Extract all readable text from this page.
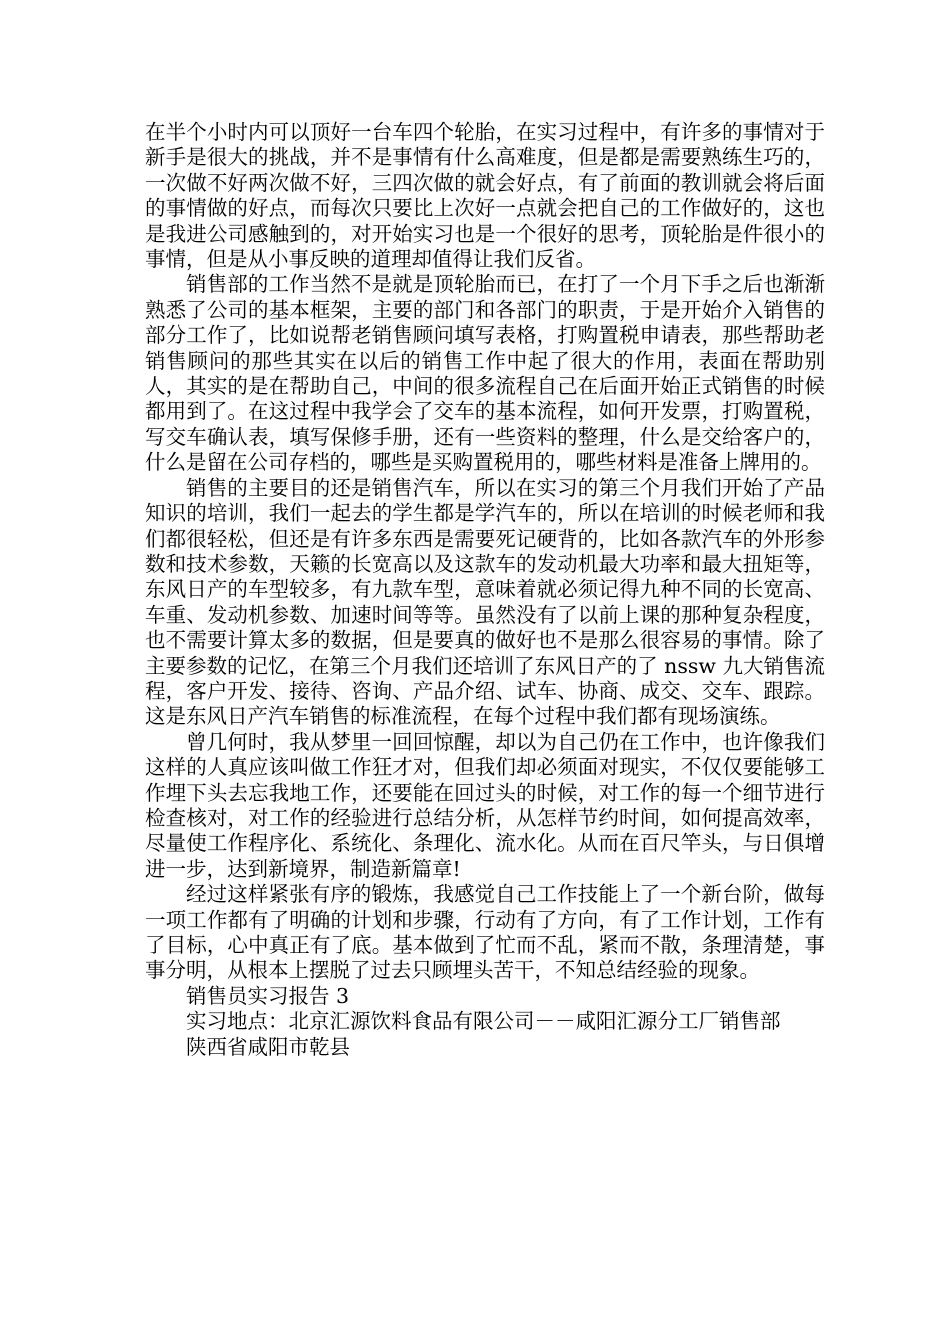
在半个小时内可以顶好一台车四个轮胎，在实习过程中，有许多的事情对于新手是很大的挑战，并不是事情有什么高难度，但是都是需要熟练生巧的，一次做不好两次做不好，三四次做的就会好点，有了前面的教训就会将后面的事情做的好点，而每次只要比上次好一点就会把自己的工作做好的，这也是我进公司感触到的，对开始实习也是一个很好的思考，顶轮胎是件很小的事情，但是从小事反映的道理却值得让我们反省。

销售部的工作当然不是就是顶轮胎而已，在打了一个月下手之后也渐渐熟悉了公司的基本框架，主要的部门和各部门的职责，于是开始介入销售的部分工作了，比如说帮老销售顾问填写表格，打购置税申请表，那些帮助老销售顾问的那些其实在以后的销售工作中起了很大的作用，表面在帮助别人，其实的是在帮助自己，中间的很多流程自己在后面开始正式销售的时候都用到了。在这过程中我学会了交车的基本流程，如何开发票，打购置税，写交车确认表，填写保修手册，还有一些资料的整理，什么是交给客户的，什么是留在公司存档的，哪些是买购置税用的，哪些材料是准备上牌用的。

销售的主要目的还是销售汽车，所以在实习的第三个月我们开始了产品知识的培训，我们一起去的学生都是学汽车的，所以在培训的时候老师和我们都很轻松，但还是有许多东西是需要死记硬背的，比如各款汽车的外形参数和技术参数，天籁的长宽高以及这款车的发动机最大功率和最大扭矩等，东风日产的车型较多，有九款车型，意味着就必须记得九种不同的长宽高、车重、发动机参数、加速时间等等。虽然没有了以前上课的那种复杂程度，也不需要计算太多的数据，但是要真的做好也不是那么很容易的事情。除了主要参数的记忆，在第三个月我们还培训了东风日产的了 nssw 九大销售流程，客户开发、接待、咨询、产品介绍、试车、协商、成交、交车、跟踪。这是东风日产汽车销售的标准流程，在每个过程中我们都有现场演练。

曾几何时，我从梦里一回回惊醒，却以为自己仍在工作中，也许像我们这样的人真应该叫做工作狂才对，但我们却必须面对现实，不仅仅要能够工作埋下头去忘我地工作，还要能在回过头的时候，对工作的每一个细节进行检查核对，对工作的经验进行总结分析，从怎样节约时间，如何提高效率，尽量使工作程序化、系统化、条理化、流水化。从而在百尺竿头，与日俱增进一步，达到新境界，制造新篇章!

经过这样紧张有序的锻炼，我感觉自己工作技能上了一个新台阶，做每一项工作都有了明确的计划和步骤，行动有了方向，有了工作计划，工作有了目标，心中真正有了底。基本做到了忙而不乱，紧而不散，条理清楚，事事分明，从根本上摆脱了过去只顾埋头苦干，不知总结经验的现象。

销售员实习报告 3

实习地点：北京汇源饮料食品有限公司－－咸阳汇源分工厂销售部

陕西省咸阳市乾县
